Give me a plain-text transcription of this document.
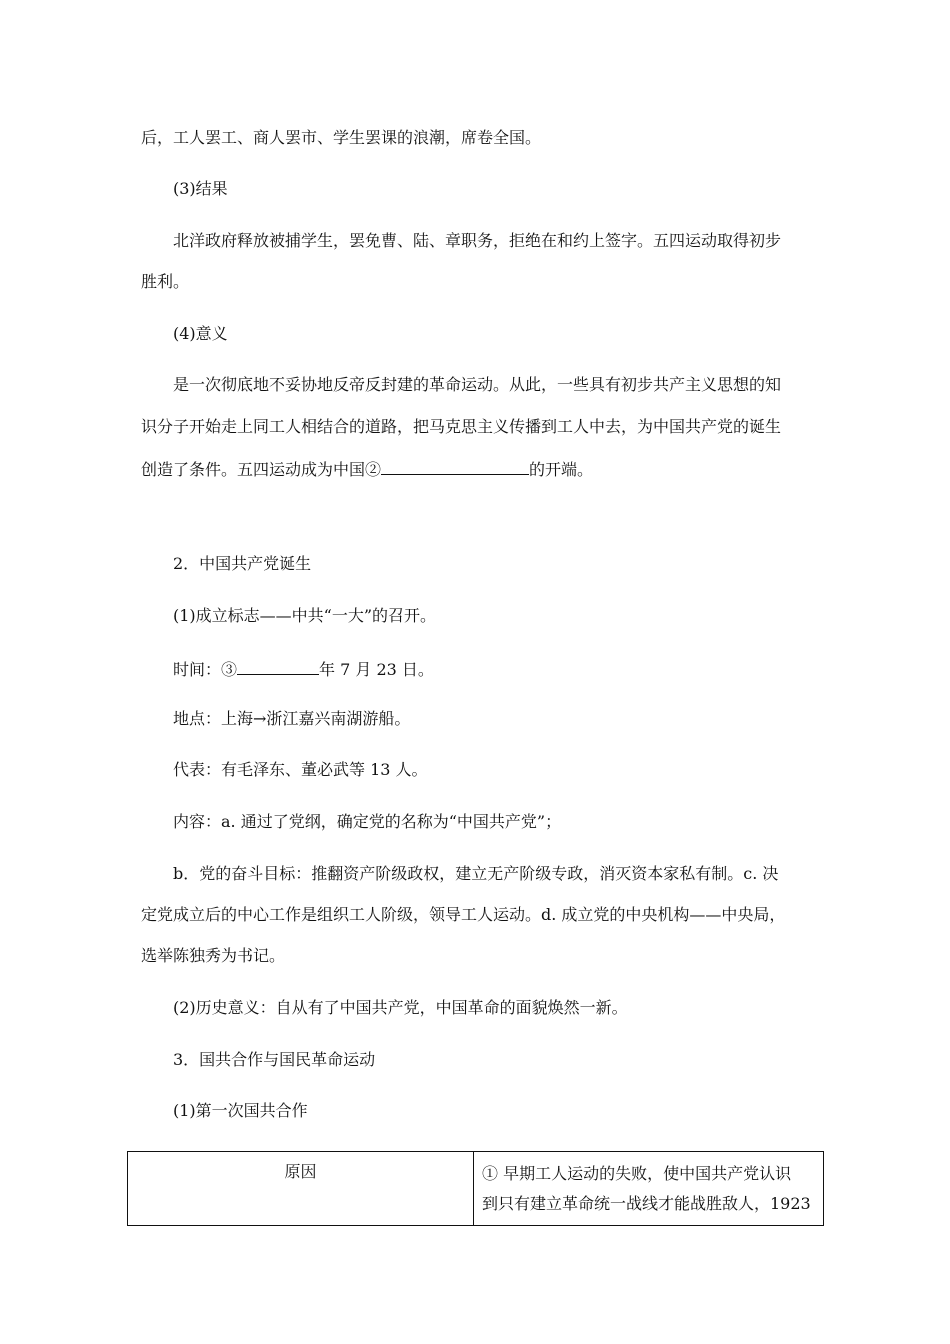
后，工人罢工、商人罢市、学生罢课的浪潮，席卷全国。
(3)结果
北洋政府释放被捕学生，罢免曹、陆、章职务，拒绝在和约上签字。五四运动取得初步
胜利。
(4)意义
是一次彻底地不妥协地反帝反封建的革命运动。从此，一些具有初步共产主义思想的知
识分子开始走上同工人相结合的道路，把马克思主义传播到工人中去，为中国共产党的诞生
创造了条件。五四运动成为中国②	的开端。
2．中国共产党诞生
(1)成立标志——中共“一大”的召开。
时间：③	年 7 月 23 日。
地点：上海→浙江嘉兴南湖游船。
代表：有毛泽东、董必武等 13 人。
内容：a. 通过了党纲，确定党的名称为“中国共产党”；
b．党的奋斗目标：推翻资产阶级政权，建立无产阶级专政，消灭资本家私有制。c. 决
定党成立后的中心工作是组织工人阶级，领导工人运动。d. 成立党的中央机构——中央局，
选举陈独秀为书记。
(2)历史意义：自从有了中国共产党，中国革命的面貌焕然一新。
3．国共合作与国民革命运动
(1)第一次国共合作
原因	① 早期工人运动的失败，使中国共产党认识
到只有建立革命统一战线才能战胜敌人，1923
